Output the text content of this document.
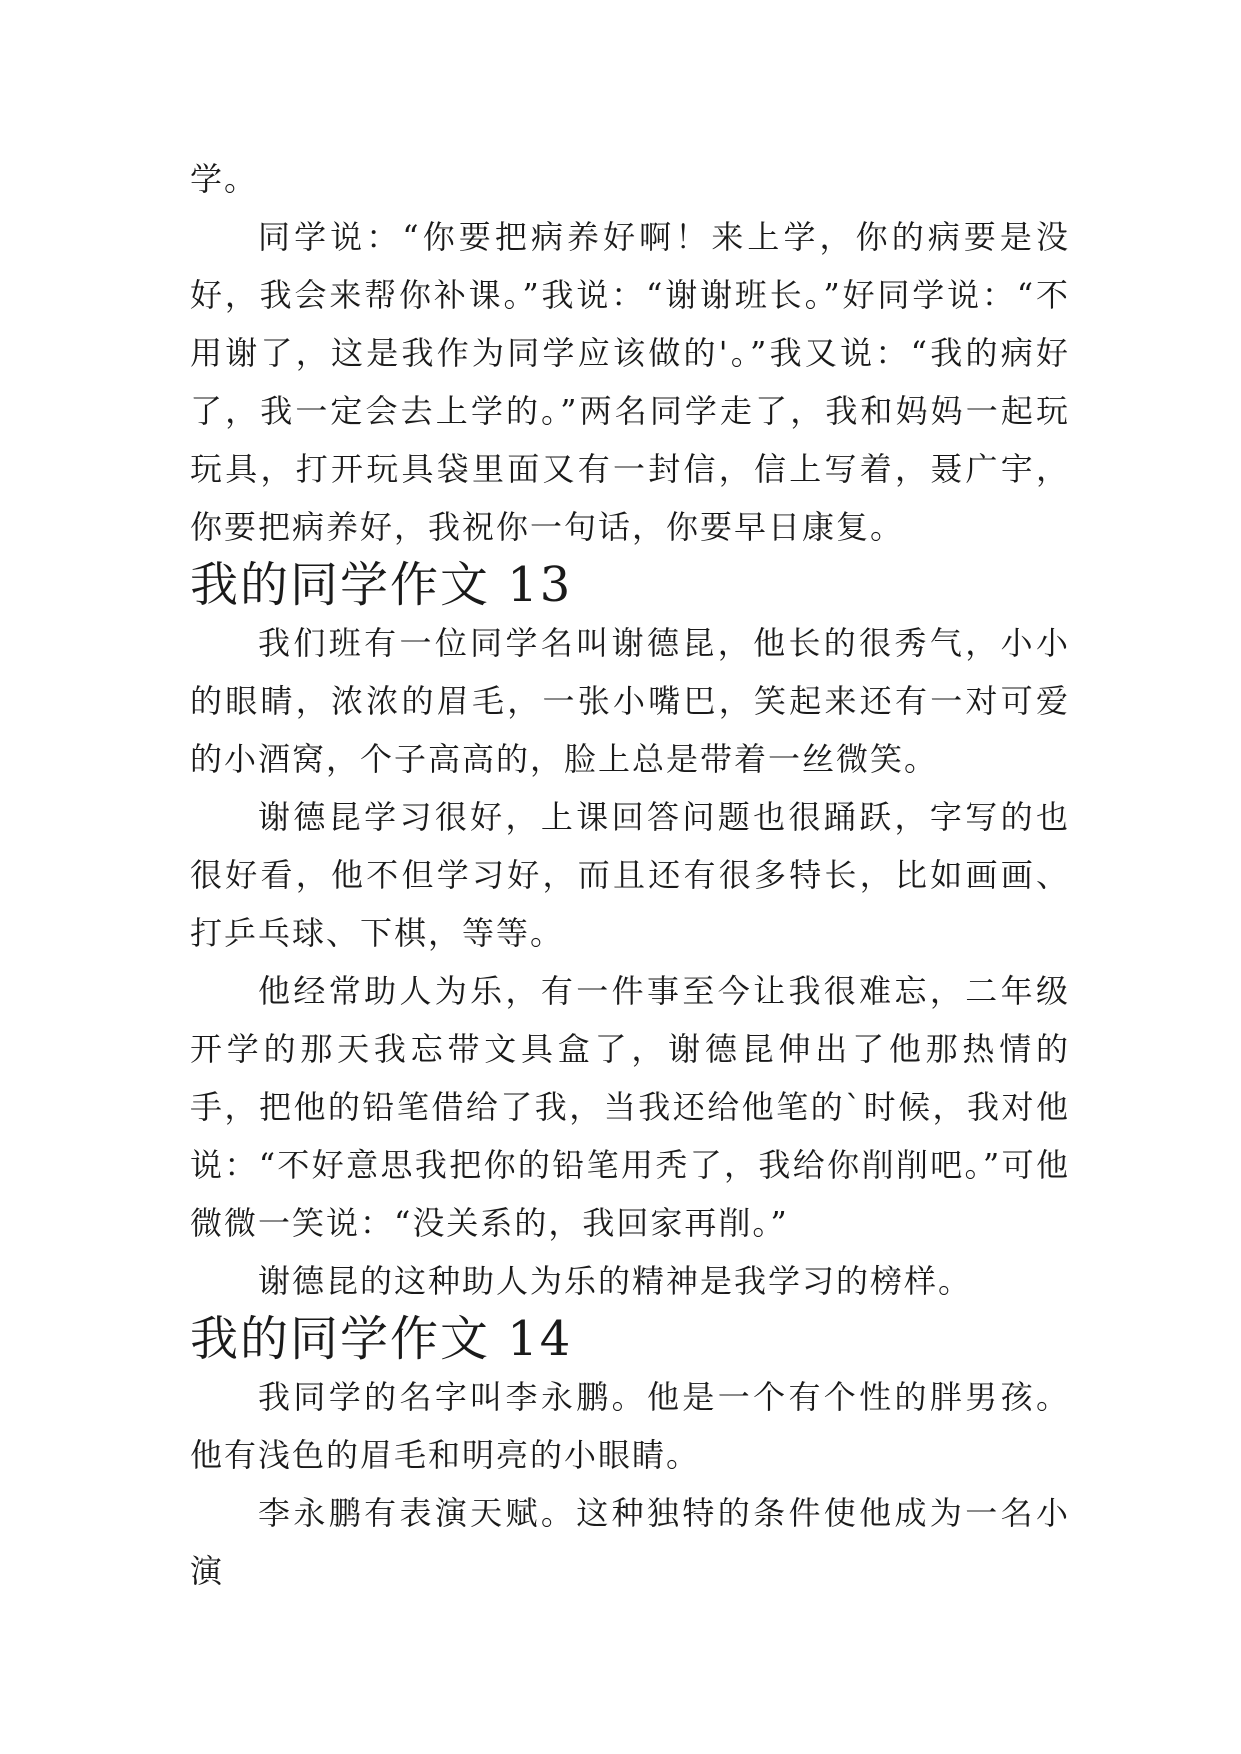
学。

同学说：“你要把病养好啊！来上学，你的病要是没好，我会来帮你补课。”我说：“谢谢班长。”好同学说：“不用谢了，这是我作为同学应该做的'。”我又说：“我的病好了，我一定会去上学的。”两名同学走了，我和妈妈一起玩玩具，打开玩具袋里面又有一封信，信上写着，聂广宇，你要把病养好，我祝你一句话，你要早日康复。

我的同学作文 13

我们班有一位同学名叫谢德昆，他长的很秀气，小小的眼睛，浓浓的眉毛，一张小嘴巴，笑起来还有一对可爱的小酒窝，个子高高的，脸上总是带着一丝微笑。

谢德昆学习很好，上课回答问题也很踊跃，字写的也很好看，他不但学习好，而且还有很多特长，比如画画、打乒乓球、下棋，等等。

他经常助人为乐，有一件事至今让我很难忘，二年级开学的那天我忘带文具盒了，谢德昆伸出了他那热情的手，把他的铅笔借给了我，当我还给他笔的`时候，我对他说：“不好意思我把你的铅笔用秃了，我给你削削吧。”可他微微一笑说：“没关系的，我回家再削。”

谢德昆的这种助人为乐的精神是我学习的榜样。

我的同学作文 14

我同学的名字叫李永鹏。他是一个有个性的胖男孩。他有浅色的眉毛和明亮的小眼睛。

李永鹏有表演天赋。这种独特的条件使他成为一名小演
